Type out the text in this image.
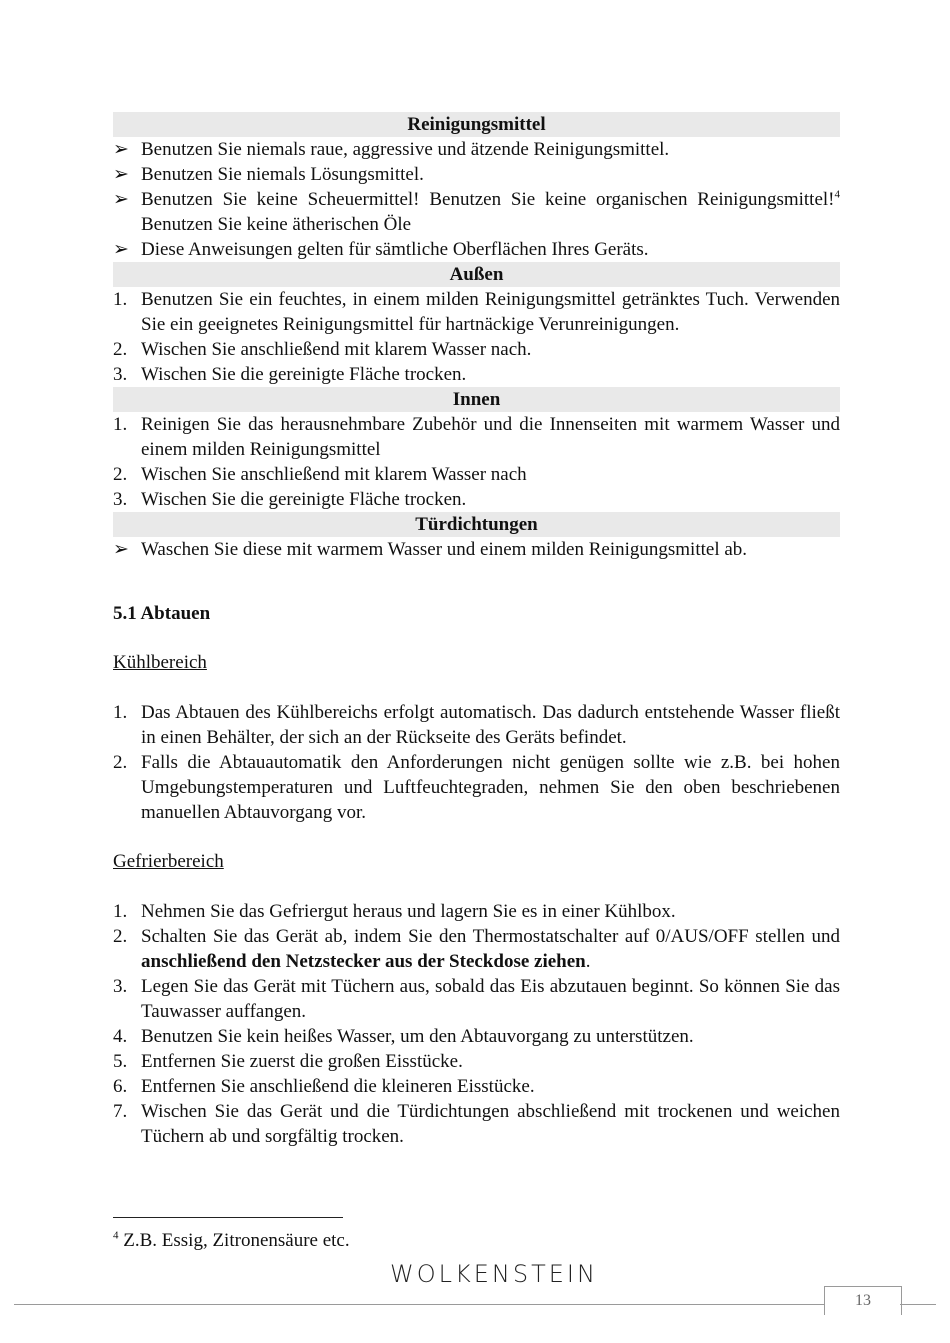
Reinigungsmittel
➢ Benutzen Sie niemals raue, aggressive und ätzende Reinigungsmittel.
➢ Benutzen Sie niemals Lösungsmittel.
➢ Benutzen Sie keine Scheuermittel! Benutzen Sie keine organischen Reinigungsmittel!$^4$ Benutzen Sie keine ätherischen Öle
➢ Diese Anweisungen gelten für sämtliche Oberflächen Ihres Geräts.
Außen
1. Benutzen Sie ein feuchtes, in einem milden Reinigungsmittel getränktes Tuch. Verwenden Sie ein geeignetes Reinigungsmittel für hartnäckige Verunreinigungen.
2. Wischen Sie anschließend mit klarem Wasser nach.
3. Wischen Sie die gereinigte Fläche trocken.
Innen
1. Reinigen Sie das herausnehmbare Zubehör und die Innenseiten mit warmem Wasser und einem milden Reinigungsmittel
2. Wischen Sie anschließend mit klarem Wasser nach
3. Wischen Sie die gereinigte Fläche trocken.
Türdichtungen
➢ Waschen Sie diese mit warmem Wasser und einem milden Reinigungsmittel ab.
5.1 Abtauen
Kühlbereich
1. Das Abtauen des Kühlbereichs erfolgt automatisch. Das dadurch entstehende Wasser fließt in einen Behälter, der sich an der Rückseite des Geräts befindet.
2. Falls die Abtauautomatik den Anforderungen nicht genügen sollte wie z.B. bei hohen Umgebungstemperaturen und Luftfeuchtegraden, nehmen Sie den oben beschriebenen manuellen Abtauvorgang vor.
Gefrierbereich
1. Nehmen Sie das Gefriergut heraus und lagern Sie es in einer Kühlbox.
2. Schalten Sie das Gerät ab, indem Sie den Thermostatschalter auf 0/AUS/OFF stellen und anschließend den Netzstecker aus der Steckdose ziehen.
3. Legen Sie das Gerät mit Tüchern aus, sobald das Eis abzutauen beginnt. So können Sie das Tauwasser auffangen.
4. Benutzen Sie kein heißes Wasser, um den Abtauvorgang zu unterstützen.
5. Entfernen Sie zuerst die großen Eisstücke.
6. Entfernen Sie anschließend die kleineren Eisstücke.
7. Wischen Sie das Gerät und die Türdichtungen abschließend mit trockenen und weichen Tüchern ab und sorgfältig trocken.
$^4$ Z.B. Essig, Zitronensäure etc.
WOLKENSTEIN
13
